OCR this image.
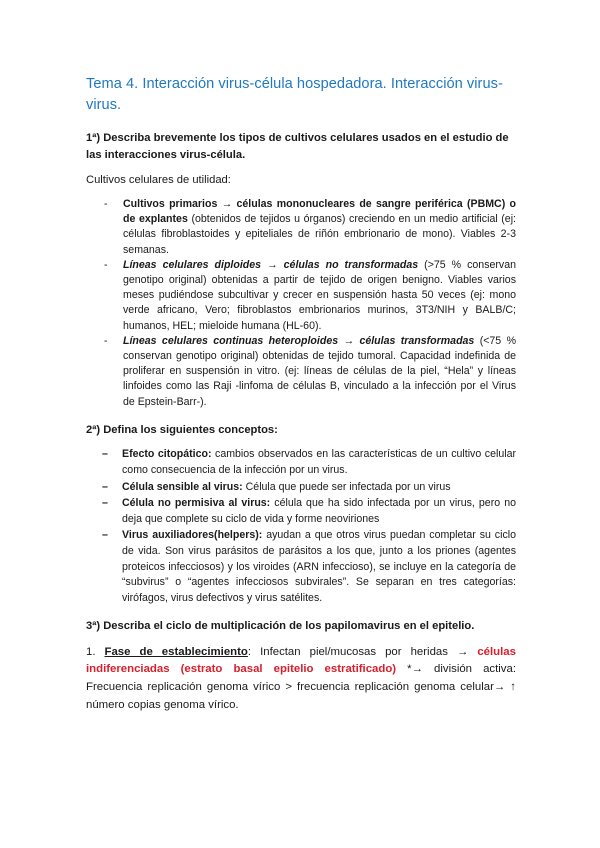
Tema 4. Interacción virus-célula hospedadora. Interacción virus-virus.

1ª) Describa brevemente los tipos de cultivos celulares usados en el estudio de las interacciones virus-célula.

Cultivos celulares de utilidad:

- Cultivos primarios → células mononucleares de sangre periférica (PBMC) o de explantes (obtenidos de tejidos u órganos) creciendo en un medio artificial (ej: células fibroblastoides y epiteliales de riñón embrionario de mono). Viables 2-3 semanas.
- Líneas celulares diploides → células no transformadas (>75 % conservan genotipo original) obtenidas a partir de tejido de origen benigno. Viables varios meses pudiéndose subcultivar y crecer en suspensión hasta 50 veces (ej: mono verde africano, Vero; fibroblastos embrionarios murinos, 3T3/NIH y BALB/C; humanos, HEL; mieloide humana (HL-60).
- Líneas celulares continuas heteroploides → células transformadas (<75 % conservan genotipo original) obtenidas de tejido tumoral. Capacidad indefinida de proliferar en suspensión in vitro. (ej: líneas de células de la piel, “Hela” y líneas linfoides como las Raji -linfoma de células B, vinculado a la infección por el Virus de Epstein-Barr-).

2ª) Defina los siguientes conceptos:

– Efecto citopático: cambios observados en las características de un cultivo celular como consecuencia de la infección por un virus.
– Célula sensible al virus: Célula que puede ser infectada por un virus
– Célula no permisiva al virus: célula que ha sido infectada por un virus, pero no deja que complete su ciclo de vida y forme neoviriones
– Virus auxiliadores(helpers): ayudan a que otros virus puedan completar su ciclo de vida. Son virus parásitos de parásitos a los que, junto a los priones (agentes proteicos infecciosos) y los viroides (ARN infeccioso), se incluye en la categoría de “subvirus” o “agentes infecciosos subvirales”. Se separan en tres categorías: virófagos, virus defectivos y virus satélites.

3ª) Describa el ciclo de multiplicación de los papilomavirus en el epitelio.

1. Fase de establecimiento: Infectan piel/mucosas por heridas → células indiferenciadas (estrato basal epitelio estratificado) *→ división activa: Frecuencia replicación genoma vírico > frecuencia replicación genoma celular→ ↑ número copias genoma vírico.
